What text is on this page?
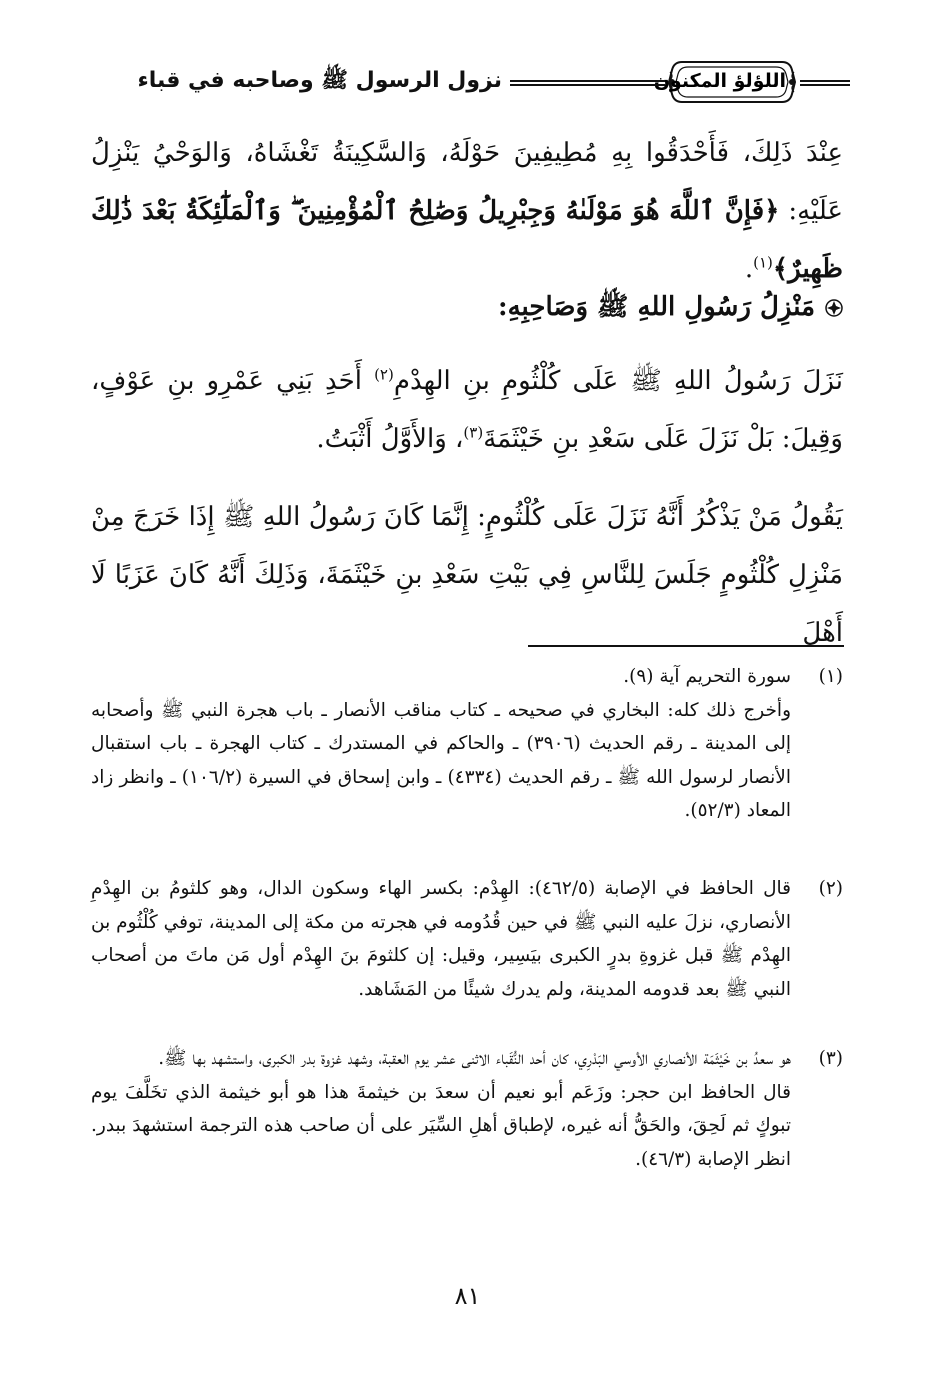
اللؤلؤ المكنون
نزول الرسول ﷺ وصاحبه في قباء
عِنْدَ ذَلِكَ، فَأَحْدَقُوا بِهِ مُطِيفِينَ حَوْلَهُ، وَالسَّكِينَةُ تَغْشَاهُ، وَالوَحْيُ يَنْزِلُ عَلَيْهِ: ﴿فَإِنَّ ٱللَّهَ هُوَ مَوْلَىٰهُ وَجِبْرِيلُ وَصَٰلِحُ ٱلْمُؤْمِنِينَ ۖ وَٱلْمَلَٰٓئِكَةُ بَعْدَ ذَٰلِكَ ظَهِيرٌ﴾$^{(١)}$.
مَنْزِلُ رَسُولِ اللهِ ﷺ وَصَاحِبِهِ:
نَزَلَ رَسُولُ اللهِ ﷺ عَلَى كُلْثُومِ بنِ الهِدْمِ$^{(٢)}$ أَحَدِ بَنِي عَمْرِو بنِ عَوْفٍ، وَقِيلَ: بَلْ نَزَلَ عَلَى سَعْدِ بنِ خَيْثَمَةَ$^{(٣)}$، وَالأَوَّلُ أَثْبَتُ.
يَقُولُ مَنْ يَذْكُرُ أَنَّهُ نَزَلَ عَلَى كُلْثُومٍ: إِنَّمَا كَانَ رَسُولُ اللهِ ﷺ إِذَا خَرَجَ مِنْ مَنْزِلِ كُلْثُومٍ جَلَسَ لِلنَّاسِ فِي بَيْتِ سَعْدِ بنِ خَيْثَمَةَ، وَذَلِكَ أَنَّهُ كَانَ عَزَبًا لَا أَهْلَ
(١)
سورة التحريم آية (٩).
وأخرج ذلك كله: البخاري في صحيحه ـ كتاب مناقب الأنصار ـ باب هجرة النبي ﷺ وأصحابه إلى المدينة ـ رقم الحديث (٣٩٠٦) ـ والحاكم في المستدرك ـ كتاب الهجرة ـ باب استقبال الأنصار لرسول الله ﷺ ـ رقم الحديث (٤٣٣٤) ـ وابن إسحاق في السيرة (١٠٦/٢) ـ وانظر زاد المعاد (٥٢/٣).
(٢)
قال الحافظ في الإصابة (٤٦٢/٥): الهِدْم: بكسر الهاء وسكون الدال، وهو كلثومُ بن الهِدْمِ الأنصاري، نزلَ عليه النبي ﷺ في حين قُدُومه في هجرته من مكة إلى المدينة، توفي كُلْثُوم بن الهِدْم ﷺ قبل غزوةِ بدرٍ الكبرى بيَسِير، وقيل: إن كلثومَ بنَ الهِدْم أول مَن ماتَ من أصحاب النبي ﷺ بعد قدومه المدينة، ولم يدرك شيئًا من المَشَاهد.
(٣)
هو سعدُ بن خَيْثَمَة الأنصاري الأوسي البَدْرِي، كان أحد النُّقَباء الاثنى عشر يوم العقبة، وشهد غزوة بدر الكبرى، واستشهد بها ﷺ.
قال الحافظ ابن حجر: وزَعَم أبو نعيم أن سعدَ بن خيثمةَ هذا هو أبو خيثمة الذي تخَلَّفَ يوم تبوكٍ ثم لَحِقَ، والحَقُّ أنه غيره، لإطباق أهلِ السِّيَر على أن صاحب هذه الترجمة استشهدَ ببدر. انظر الإصابة (٤٦/٣).
٨١
